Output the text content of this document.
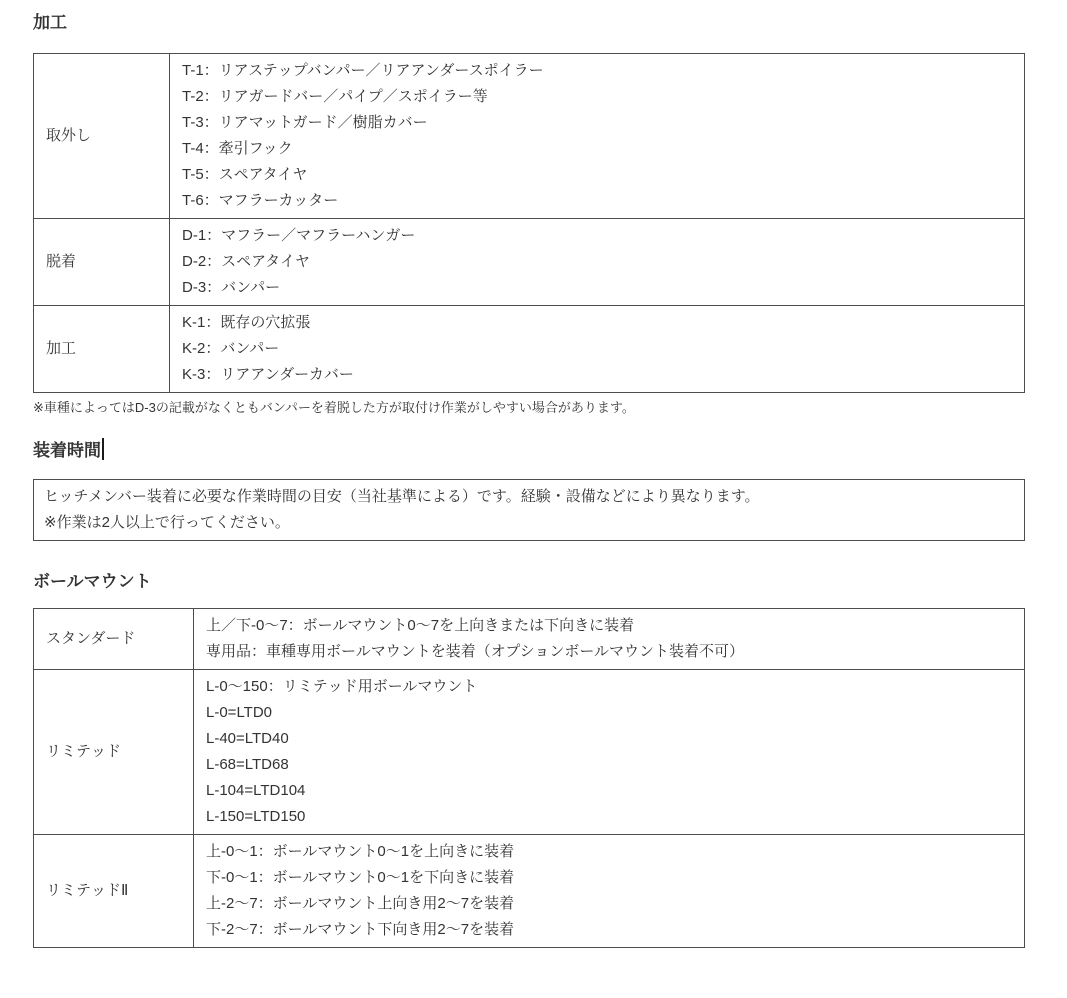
加工
取外し	
T-1：リアステップバンパー／リアアンダースポイラー
T-2：リアガードバー／パイプ／スポイラー等
T-3：リアマットガード／樹脂カバー
T-4：牽引フック
T-5：スペアタイヤ
T-6：マフラーカッター

脱着	D-1：マフラー／マフラーハンガー
D-2：スペアタイヤ
D-3：バンパー

加工	K-1：既存の穴拡張
K-2：バンパー
K-3：リアアンダーカバー

※車種によってはD-3の記載がなくともバンパーを着脱した方が取付け作業がしやすい場合があります。

装着時間
ヒッチメンバー装着に必要な作業時間の目安（当社基準による）です。経験・設備などにより異なります。
※作業は2人以上で行ってください。
ボールマウント
スタンダード	上／下-0～7：ボールマウント0～7を上向きまたは下向きに装着
専用品：車種専用ボールマウントを装着（オプションボールマウント装着不可）

リミテッド	
L-0～150：リミテッド用ボールマウント
L-0=LTD0
L-40=LTD40
L-68=LTD68
L-104=LTD104
L-150=LTD150

リミテッドⅡ	上-0～1：ボールマウント0～1を上向きに装着
下-0～1：ボールマウント0～1を下向きに装着
上-2～7：ボールマウント上向き用2～7を装着
下-2～7：ボールマウント下向き用2～7を装着
